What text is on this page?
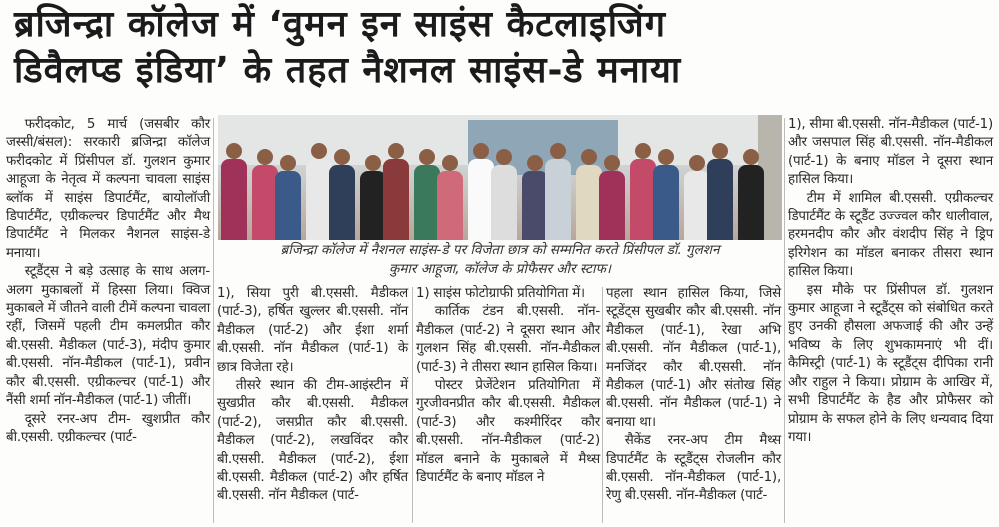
ब्रजिन्द्रा कॉलेज में ‘वुमन इन साइंस कैटलाइजिंग
डिवैलप्ड इंडिया’ के तहत नैशनल साइंस-डे मनाया
ब्रजिन्द्रा कॉलेज में नैशनल साइंस-डे पर विजेता छात्र को सम्मनित करते प्रिंसीपल डॉ. गुलशन
कुमार आहूजा, कॉलेज के प्रोफैसर और स्टाफ।

फरीदकोट, 5 मार्च (जसबीर कौर जस्सी/बंसल): सरकारी ब्रजिन्द्रा कॉलेज फरीदकोट में प्रिंसीपल डॉ. गुलशन कुमार आहूजा के नेतृत्व में कल्पना चावला साइंस ब्लॉक में साइंस डिपार्टमैंट, बायोलॉजी डिपार्टमैंट, एग्रीकल्चर डिपार्टमैंट और मैथ डिपार्टमैंट ने मिलकर नैशनल साइंस-डे मनाया।

स्टूडैंट्स ने बड़े उत्साह के साथ अलग-अलग मुकाबलों में हिस्सा लिया। क्विज मुकाबले में जीतने वाली टीमें कल्पना चावला रहीं, जिसमें पहली टीम कमलप्रीत कौर बी.एससी. मैडीकल (पार्ट-3), मंदीप कुमार बी.एससी. नॉन-मैडीकल (पार्ट-1), प्रवीन कौर बी.एससी. एग्रीकल्चर (पार्ट-1) और नैंसी शर्मा नॉन-मैडीकल (पार्ट-1) जीतीं।

दूसरे रनर-अप टीम- खुशप्रीत कौर बी.एससी. एग्रीकल्चर (पार्ट-

1), सिया पुरी बी.एससी. मैडीकल (पार्ट-3), हर्षित खुल्लर बी.एससी. नॉन मैडीकल (पार्ट-2) और ईशा शर्मा बी.एससी. नॉन मैडीकल (पार्ट-1) के छात्र विजेता रहे।

तीसरे स्थान की टीम-आइंस्टीन में सुखप्रीत कौर बी.एससी. मैडीकल (पार्ट-2), जसप्रीत कौर बी.एससी. मैडीकल (पार्ट-2), लखविंदर कौर बी.एससी. मैडीकल (पार्ट-2), ईशा बी.एससी. मैडीकल (पार्ट-2) और हर्षित बी.एससी. नॉन मैडीकल (पार्ट-

1) साइंस फोटोग्राफी प्रतियोगिता में।

कार्तिक टंडन बी.एससी. नॉन-मैडीकल (पार्ट-2) ने दूसरा स्थान और गुलशन सिंह बी.एससी. नॉन-मैडीकल (पार्ट-3) ने तीसरा स्थान हासिल किया।

पोस्टर प्रेजेंटेशन प्रतियोगिता में गुरजीवनप्रीत कौर बी.एससी. मैडीकल (पार्ट-3) और कश्मीरिंदर कौर बी.एससी. नॉन-मैडीकल (पार्ट-2) मॉडल बनाने के मुकाबले में मैथ्स डिपार्टमैंट के बनाए मॉडल ने

पहला स्थान हासिल किया, जिसे स्टूडेंट्स सुखबीर कौर बी.एससी. नॉन मैडीकल (पार्ट-1), रेखा अभि बी.एससी. नॉन मैडीकल (पार्ट-1), मनजिंदर कौर बी.एससी. नॉन मैडीकल (पार्ट-1) और संतोख सिंह बी.एससी. नॉन मैडीकल (पार्ट-1) ने बनाया था।

सैकेंड रनर-अप टीम मैथ्स डिपार्टमैंट के स्टूडैंट्स रोजलीन कौर बी.एससी. नॉन-मैडीकल (पार्ट-1), रेणु बी.एससी. नॉन-मैडीकल (पार्ट-

1), सीमा बी.एससी. नॉन-मैडीकल (पार्ट-1) और जसपाल सिंह बी.एससी. नॉन-मैडीकल (पार्ट-1) के बनाए मॉडल ने दूसरा स्थान हासिल किया।

टीम में शामिल बी.एससी. एग्रीकल्चर डिपार्टमैंट के स्टूडैंट उज्ज्वल कौर धालीवाल, हरमनदीप कौर और वंशदीप सिंह ने ड्रिप इरिगेशन का मॉडल बनाकर तीसरा स्थान हासिल किया।

इस मौके पर प्रिंसीपल डॉ. गुलशन कुमार आहूजा ने स्टूडैंट्स को संबोधित करते हुए उनकी हौसला अफजाई की और उन्हें भविष्य के लिए शुभकामनाएं भी दीं। कैमिस्ट्री (पार्ट-1) के स्टूडैंट्स दीपिका रानी और राहुल ने किया। प्रोग्राम के आखिर में, सभी डिपार्टमैंट के हैड और प्रोफैसर को प्रोग्राम के सफल होने के लिए धन्यवाद दिया गया।
